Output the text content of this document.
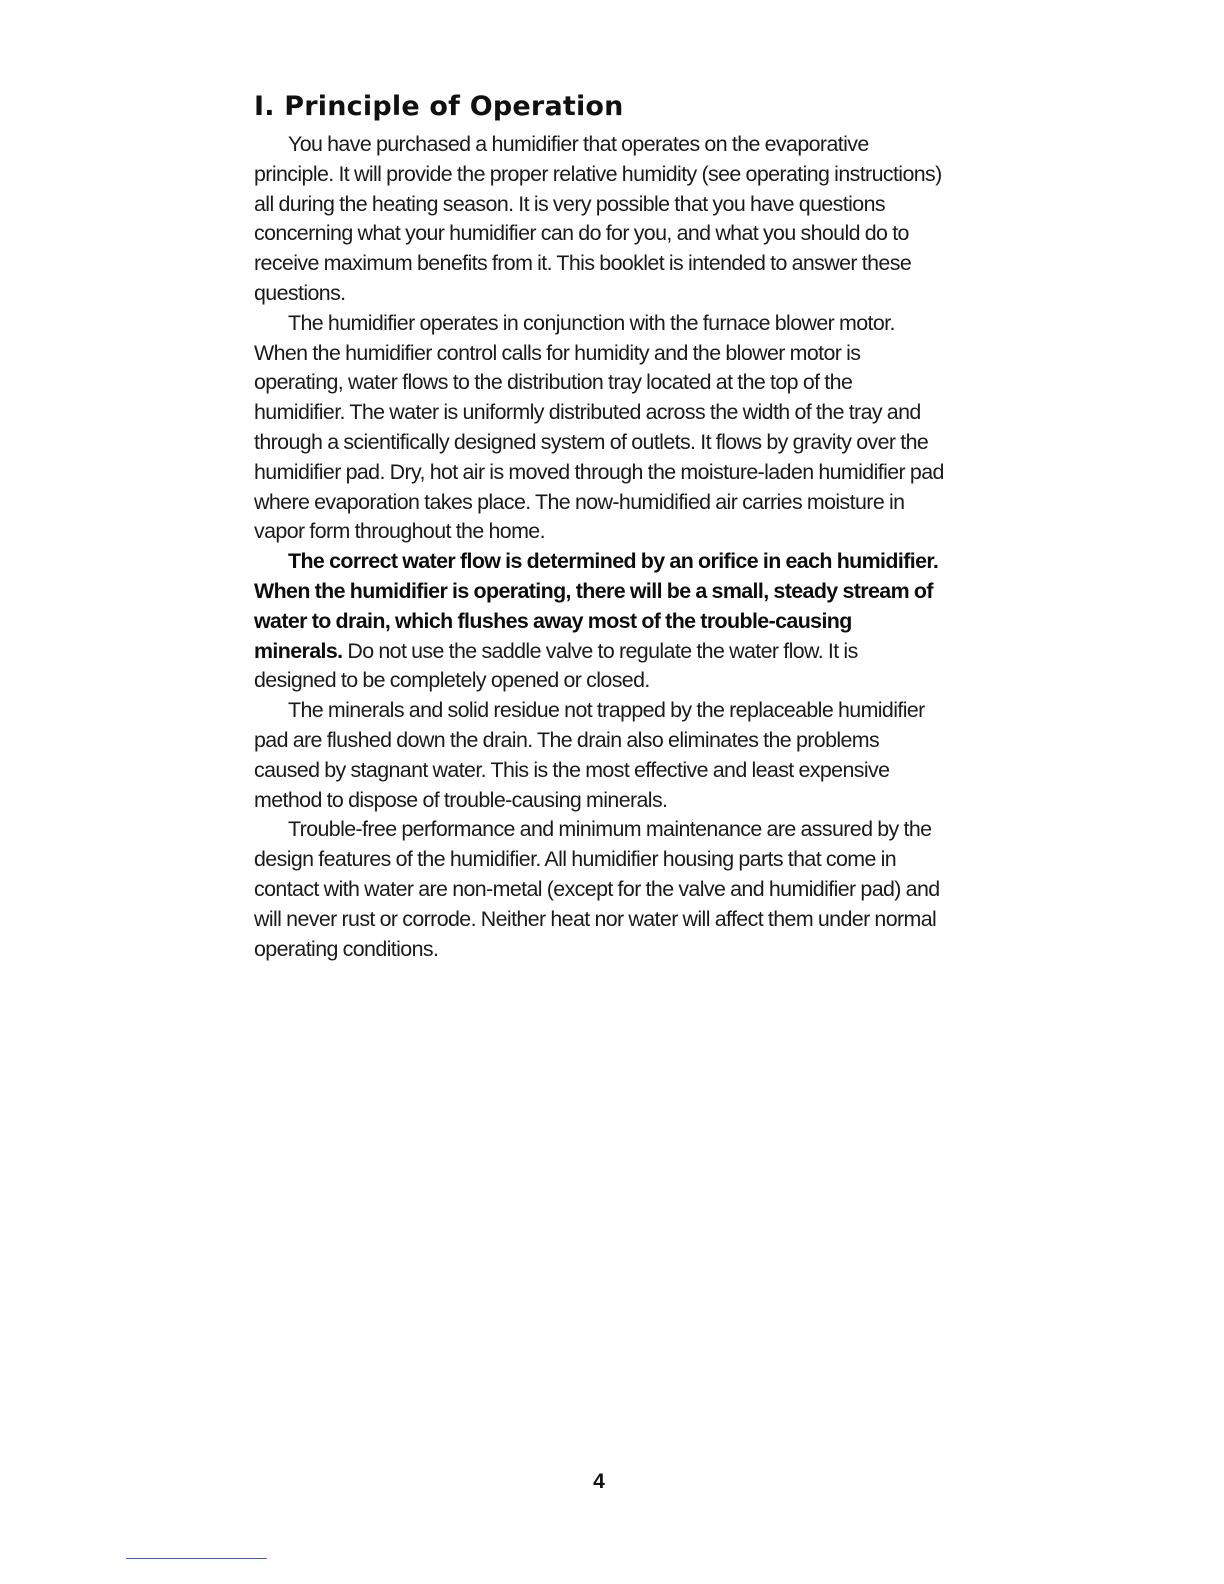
I. Principle of Operation

You have purchased a humidifier that operates on the evaporative principle. It will provide the proper relative humidity (see operating instructions) all during the heating season. It is very possible that you have questions concerning what your humidifier can do for you, and what you should do to receive maximum benefits from it. This booklet is intended to answer these questions.

The humidifier operates in conjunction with the furnace blower motor. When the humidifier control calls for humidity and the blower motor is operating, water flows to the distribution tray located at the top of the humidifier. The water is uniformly distributed across the width of the tray and through a scientifically designed system of outlets. It flows by gravity over the humidifier pad. Dry, hot air is moved through the moisture-laden humidifier pad where evaporation takes place. The now-humidified air carries moisture in vapor form throughout the home.

The correct water flow is determined by an orifice in each humidifier. When the humidifier is operating, there will be a small, steady stream of water to drain, which flushes away most of the trouble-causing minerals. Do not use the saddle valve to regulate the water flow. It is designed to be completely opened or closed.

The minerals and solid residue not trapped by the replaceable humidifier pad are flushed down the drain. The drain also eliminates the problems caused by stagnant water. This is the most effective and least expensive method to dispose of trouble-causing minerals.

Trouble-free performance and minimum maintenance are assured by the design features of the humidifier. All humidifier housing parts that come in contact with water are non-metal (except for the valve and humidifier pad) and will never rust or corrode. Neither heat nor water will affect them under normal operating conditions.

4
